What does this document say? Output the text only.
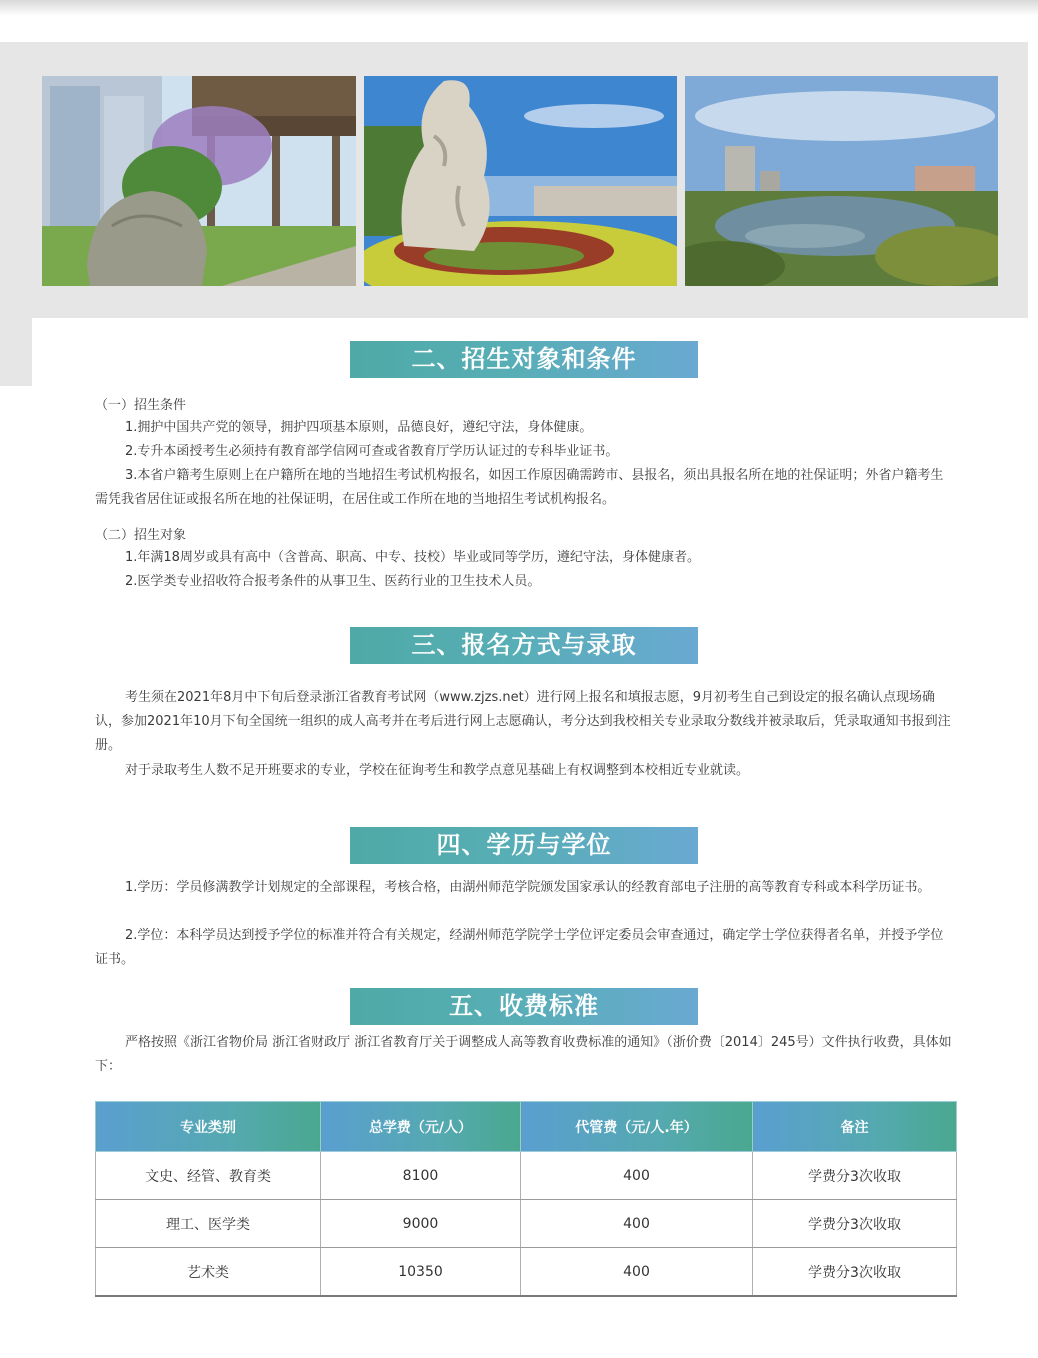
二、招生对象和条件
（一）招生条件

1.拥护中国共产党的领导，拥护四项基本原则，品德良好，遵纪守法，身体健康。

2.专升本函授考生必须持有教育部学信网可查或省教育厅学历认证过的专科毕业证书。

3.本省户籍考生原则上在户籍所在地的当地招生考试机构报名，如因工作原因确需跨市、县报名，须出具报名所在地的社保证明；外省户籍考生需凭我省居住证或报名所在地的社保证明，在居住或工作所在地的当地招生考试机构报名。

（二）招生对象

1.年满18周岁或具有高中（含普高、职高、中专、技校）毕业或同等学历，遵纪守法，身体健康者。

2.医学类专业招收符合报考条件的从事卫生、医药行业的卫生技术人员。

三、报名方式与录取

考生须在2021年8月中下旬后登录浙江省教育考试网（www.zjzs.net）进行网上报名和填报志愿，9月初考生自己到设定的报名确认点现场确认，参加2021年10月下旬全国统一组织的成人高考并在考后进行网上志愿确认，考分达到我校相关专业录取分数线并被录取后，凭录取通知书报到注册。

对于录取考生人数不足开班要求的专业，学校在征询考生和教学点意见基础上有权调整到本校相近专业就读。

四、学历与学位

1.学历：学员修满教学计划规定的全部课程，考核合格，由湖州师范学院颁发国家承认的经教育部电子注册的高等教育专科或本科学历证书。

2.学位：本科学员达到授予学位的标准并符合有关规定，经湖州师范学院学士学位评定委员会审查通过，确定学士学位获得者名单，并授予学位证书。

五、收费标准

严格按照《浙江省物价局 浙江省财政厅 浙江省教育厅关于调整成人高等教育收费标准的通知》（浙价费〔2014〕245号）文件执行收费，具体如下：

专业类别	总学费（元/人）	代管费（元/人.年）	备注
文史、经管、教育类	8100	400	学费分3次收取
理工、医学类	9000	400	学费分3次收取
艺术类	10350	400	学费分3次收取
